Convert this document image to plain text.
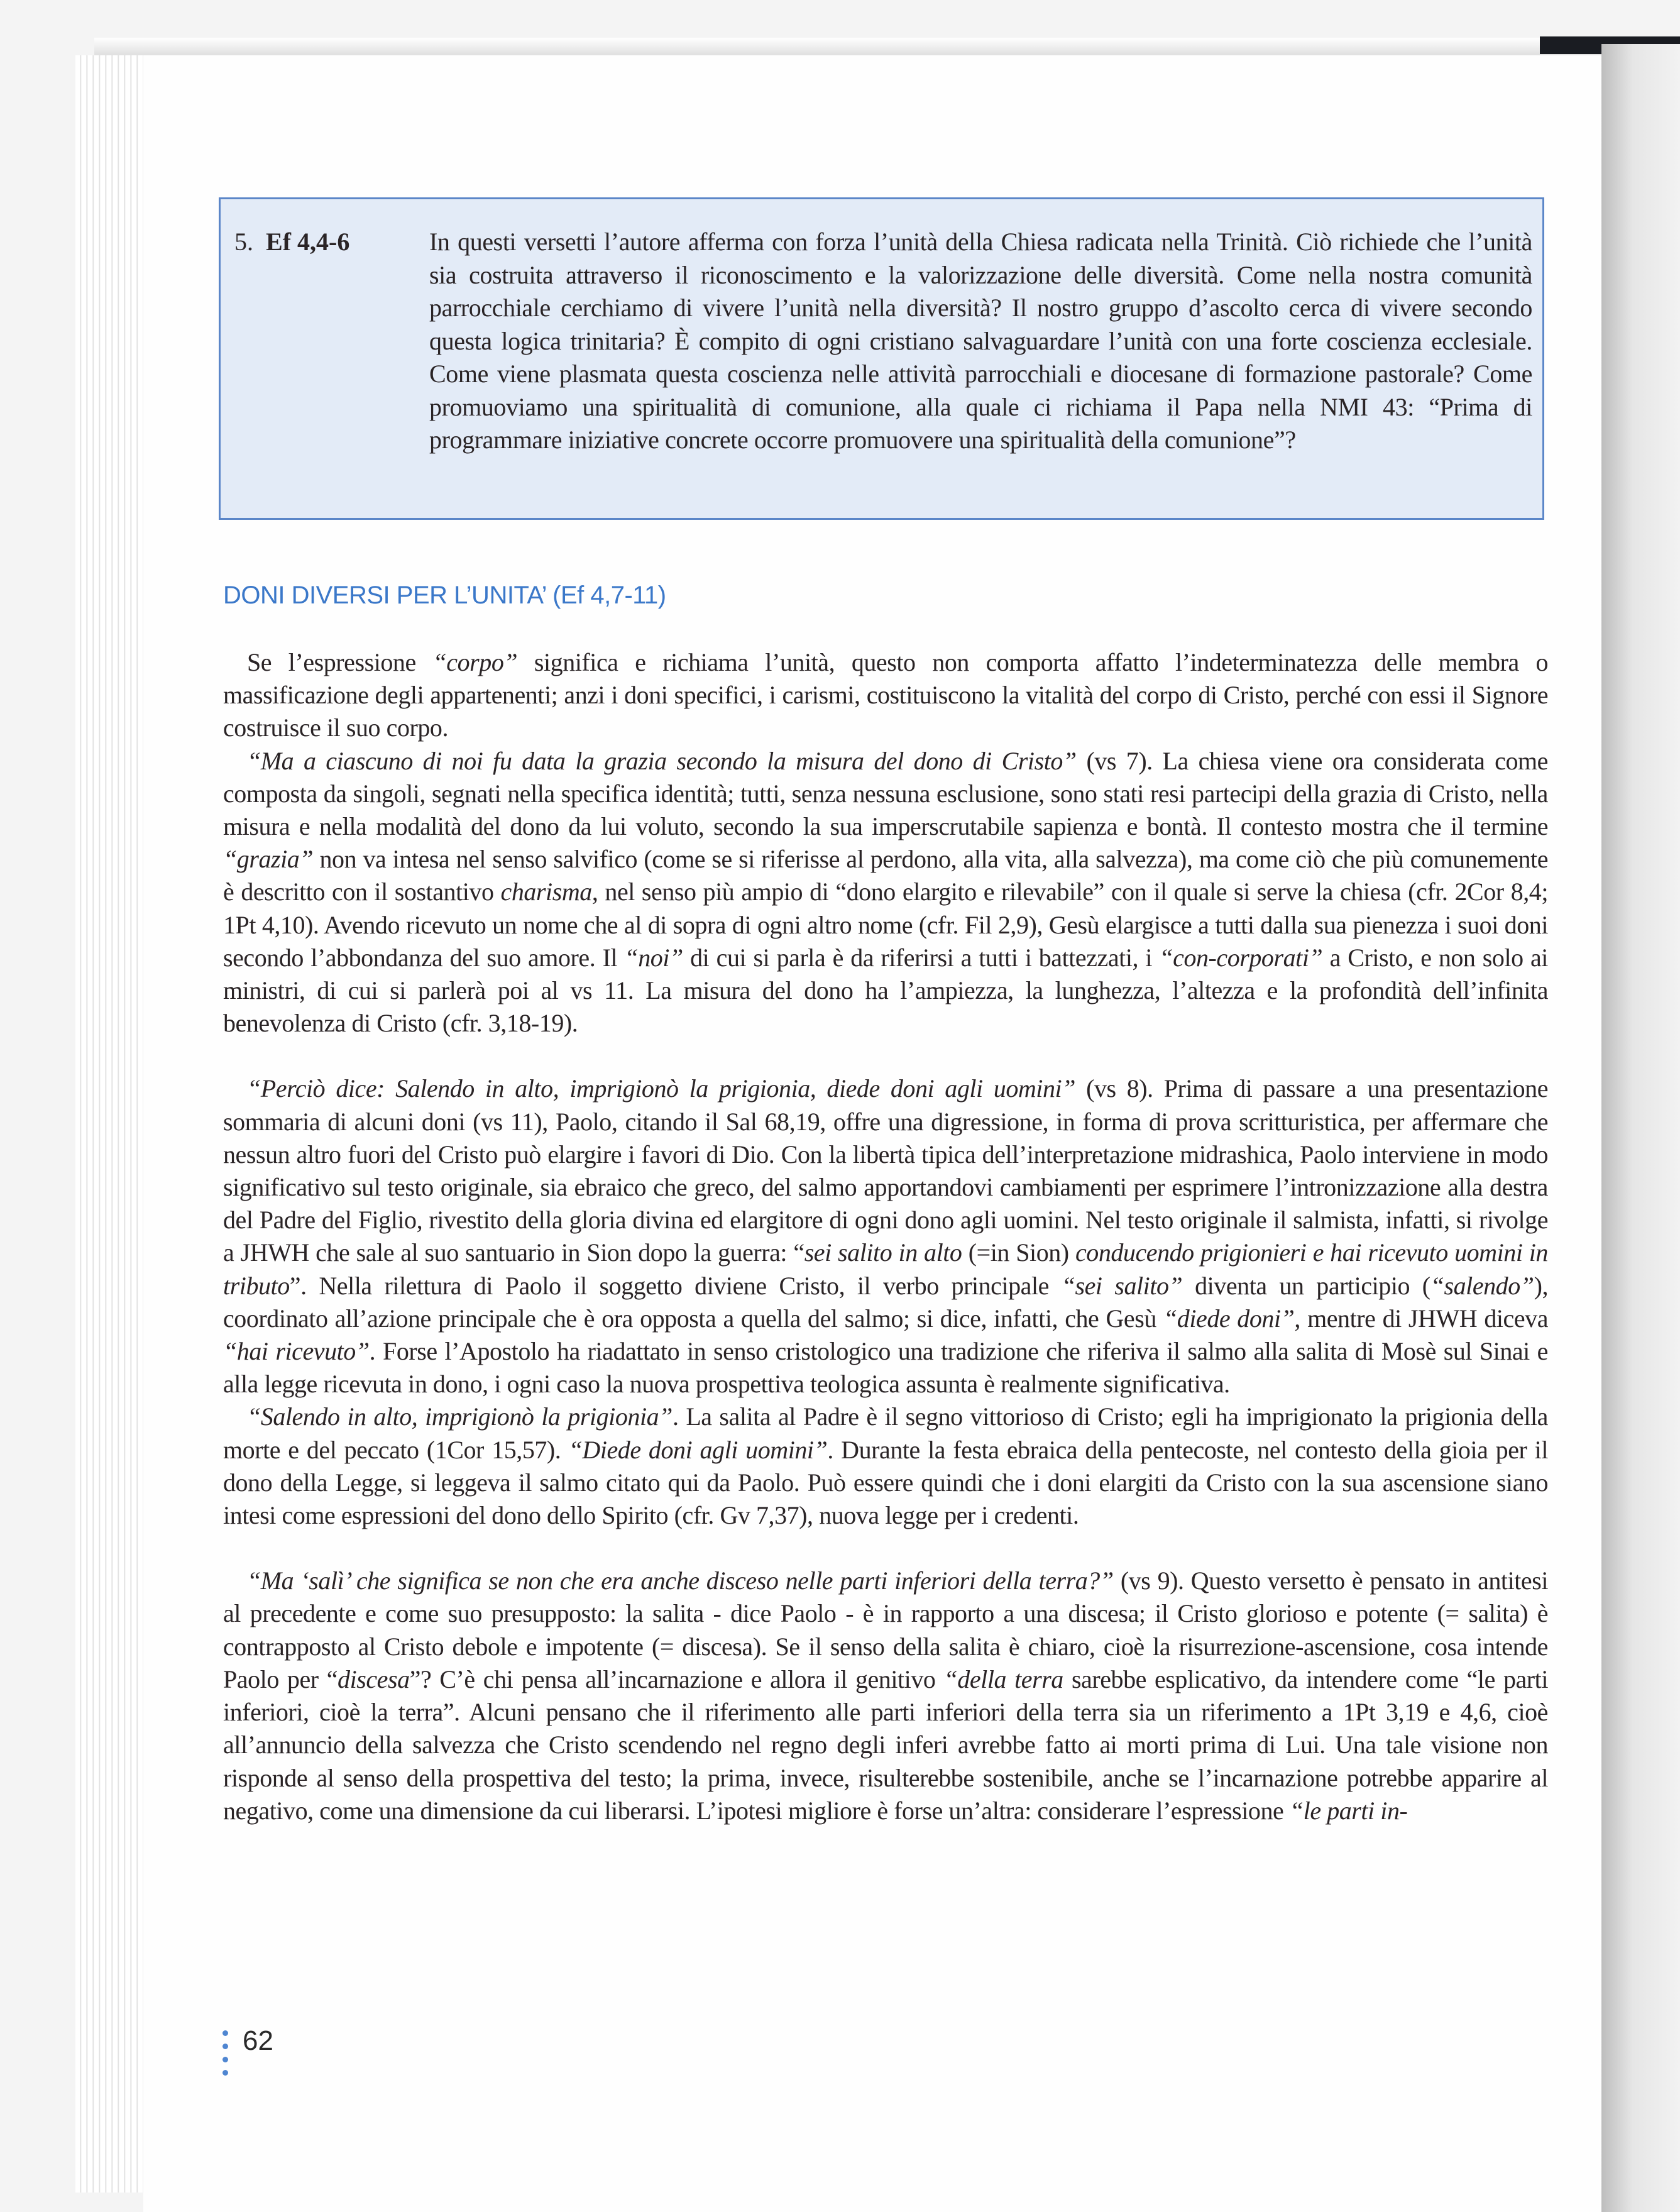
5. Ef 4,4-6	In questi versetti l’autore afferma con forza l’unità della Chiesa radicata nella Trinità. Ciò richiede che l’unità sia costruita attraverso il riconoscimento e la valorizzazione delle diversità. Come nella nostra comunità parrocchiale cerchiamo di vivere l’unità nella diversità? Il nostro gruppo d’ascolto cerca di vivere secondo questa logica trinitaria? È compito di ogni cristiano salvaguardare l’unità con una forte coscienza ecclesiale. Come viene plasmata questa coscienza nelle attività parrocchiali e diocesane di formazione pastorale? Come promuoviamo una spiritualità di comunione, alla quale ci richiama il Papa nella NMI 43: “Prima di programmare iniziative concrete occorre promuovere una spiritualità della comunione”?
DONI DIVERSI PER L’UNITA’ (Ef 4,7-11)

Se l’espressione “corpo” significa e richiama l’unità, questo non comporta affatto l’indeterminatezza delle membra o massificazione degli appartenenti; anzi i doni specifici, i carismi, costituiscono la vitalità del corpo di Cristo, perché con essi il Signore costruisce il suo corpo.

“Ma a ciascuno di noi fu data la grazia secondo la misura del dono di Cristo” (vs 7). La chiesa viene ora considerata come composta da singoli, segnati nella specifica identità; tutti, senza nessuna esclusione, sono stati resi partecipi della grazia di Cristo, nella misura e nella modalità del dono da lui voluto, secondo la sua imperscrutabile sapienza e bontà. Il contesto mostra che il termine “grazia” non va intesa nel senso salvifico (come se si riferisse al perdono, alla vita, alla salvezza), ma come ciò che più comunemente è descritto con il sostantivo charisma, nel senso più ampio di “dono elargito e rilevabile” con il quale si serve la chiesa (cfr. 2Cor 8,4; 1Pt 4,10). Avendo ricevuto un nome che al di sopra di ogni altro nome (cfr. Fil 2,9), Gesù elargisce a tutti dalla sua pienezza i suoi doni secondo l’abbondanza del suo amore. Il “noi” di cui si parla è da riferirsi a tutti i battezzati, i “con-corporati” a Cristo, e non solo ai ministri, di cui si parlerà poi al vs 11. La misura del dono ha l’ampiezza, la lunghezza, l’altezza e la profondità dell’infinita benevolenza di Cristo (cfr. 3,18-19).

“Perciò dice: Salendo in alto, imprigionò la prigionia, diede doni agli uomini” (vs 8). Prima di passare a una presentazione sommaria di alcuni doni (vs 11), Paolo, citando il Sal 68,19, offre una digressione, in forma di prova scritturistica, per affermare che nessun altro fuori del Cristo può elargire i favori di Dio. Con la libertà tipica dell’interpretazione midrashica, Paolo interviene in modo significativo sul testo originale, sia ebraico che greco, del salmo apportandovi cambiamenti per esprimere l’intronizzazione alla destra del Padre del Figlio, rivestito della gloria divina ed elargitore di ogni dono agli uomini. Nel testo originale il salmista, infatti, si rivolge a JHWH che sale al suo santuario in Sion dopo la guerra: “sei salito in alto (=in Sion) conducendo prigionieri e hai ricevuto uomini in tributo”. Nella rilettura di Paolo il soggetto diviene Cristo, il verbo principale “sei salito” diventa un participio (“salendo”), coordinato all’azione principale che è ora opposta a quella del salmo; si dice, infatti, che Gesù “diede doni”, mentre di JHWH diceva “hai ricevuto”. Forse l’Apostolo ha riadattato in senso cristologico una tradizione che riferiva il salmo alla salita di Mosè sul Sinai e alla legge ricevuta in dono, i ogni caso la nuova prospettiva teologica assunta è realmente significativa.

“Salendo in alto, imprigionò la prigionia”. La salita al Padre è il segno vittorioso di Cristo; egli ha imprigionato la prigionia della morte e del peccato (1Cor 15,57). “Diede doni agli uomini”. Durante la festa ebraica della pentecoste, nel contesto della gioia per il dono della Legge, si leggeva il salmo citato qui da Paolo. Può essere quindi che i doni elargiti da Cristo con la sua ascensione siano intesi come espressioni del dono dello Spirito (cfr. Gv 7,37), nuova legge per i credenti.

“Ma ‘salì’ che significa se non che era anche disceso nelle parti inferiori della terra?” (vs 9). Questo versetto è pensato in antitesi al precedente e come suo presupposto: la salita - dice Paolo - è in rapporto a una discesa; il Cristo glorioso e potente (= salita) è contrapposto al Cristo debole e impotente (= discesa). Se il senso della salita è chiaro, cioè la risurrezione-ascensione, cosa intende Paolo per “discesa”? C’è chi pensa all’incarnazione e allora il genitivo “della terra sarebbe esplicativo, da intendere come “le parti inferiori, cioè la terra”. Alcuni pensano che il riferimento alle parti inferiori della terra sia un riferimento a 1Pt 3,19 e 4,6, cioè all’annuncio della salvezza che Cristo scendendo nel regno degli inferi avrebbe fatto ai morti prima di Lui. Una tale visione non risponde al senso della prospettiva del testo; la prima, invece, risulterebbe sostenibile, anche se l’incarnazione potrebbe apparire al negativo, come una dimensione da cui liberarsi. L’ipotesi migliore è forse un’altra: considerare l’espressione “le parti in-

62
